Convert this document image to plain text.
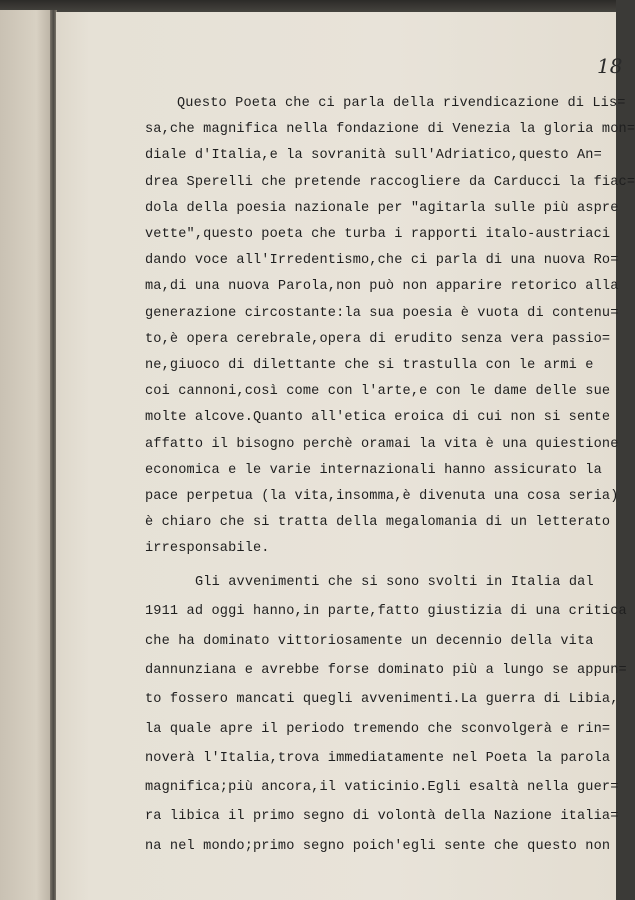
18
Questo Poeta che ci parla della rivendicazione di Lis=
sa,che magnifica nella fondazione di Venezia la gloria mon=
diale d'Italia,e la sovranità sull'Adriatico,questo An=
drea Sperelli che pretende raccogliere da Carducci la fiac=
dola della poesia nazionale per "agitarla sulle più aspre
vette",questo poeta che turba i rapporti italo-austriaci
dando voce all'Irredentismo,che ci parla di una nuova Ro=
ma,di una nuova Parola,non può non apparire retorico alla
generazione circostante:la sua poesia è vuota di contenu=
to,è opera cerebrale,opera di erudito senza vera passio=
ne,giuoco di dilettante che si trastulla con le armi e
coi cannoni,così come con l'arte,e con le dame delle sue
molte alcove.Quanto all'etica eroica di cui non si sente
affatto il bisogno perchè oramai la vita è una quiestione
economica e le varie internazionali hanno assicurato la
pace perpetua (la vita,insomma,è divenuta una cosa seria)
è chiaro che si tratta della megalomania di un letterato
irresponsabile.
Gli avvenimenti che si sono svolti in Italia dal
1911 ad oggi hanno,in parte,fatto giustizia di una critica
che ha dominato vittoriosamente un decennio della vita
dannunziana e avrebbe forse dominato più a lungo se appun=
to fossero mancati quegli avvenimenti.La guerra di Libia,
la quale apre il periodo tremendo che sconvolgerà e rin=
noverà l'Italia,trova immediatamente nel Poeta la parola
magnifica;più ancora,il vaticinio.Egli esaltà nella guer=
ra libica il primo segno di volontà della Nazione italia=
na nel mondo;primo segno poich'egli sente che questo non
